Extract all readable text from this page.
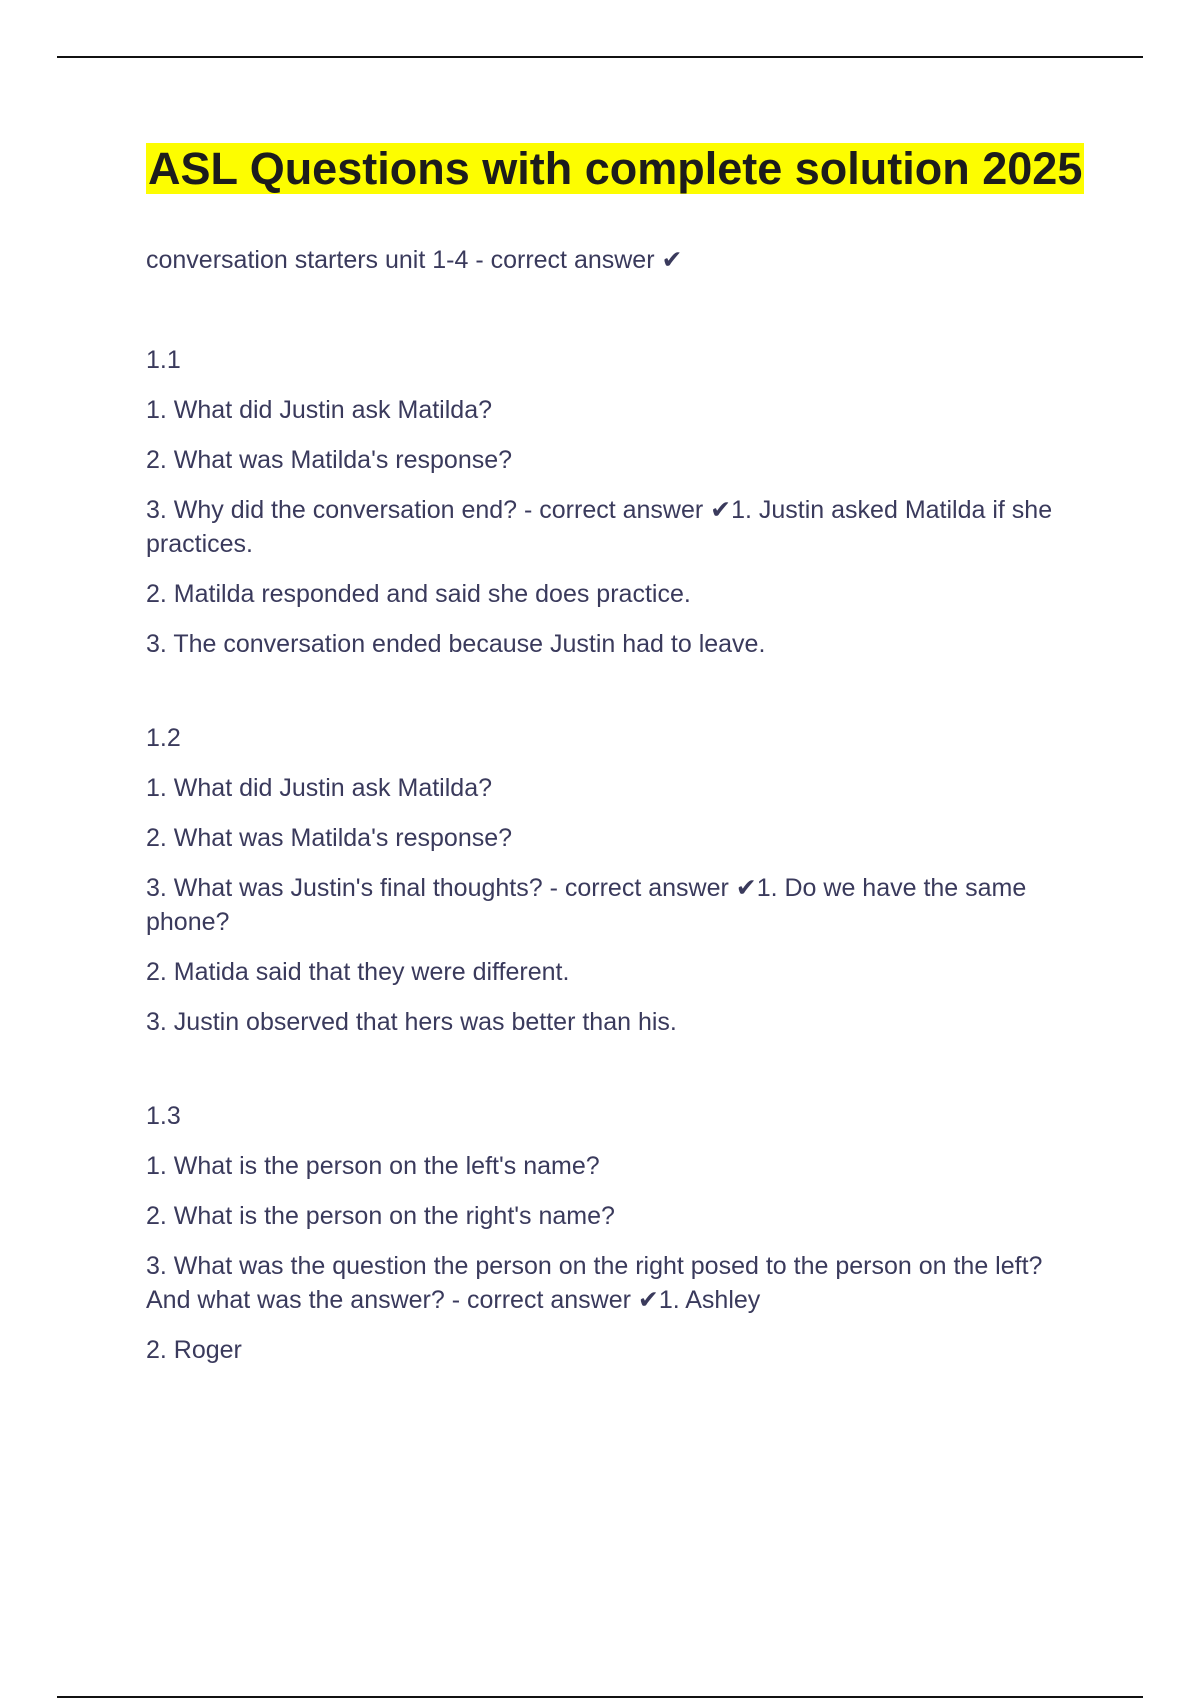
ASL Questions with complete solution 2025
conversation starters unit 1-4 - correct answer ✔
1.1
1. What did Justin ask Matilda?
2. What was Matilda's response?
3. Why did the conversation end? - correct answer ✔1. Justin asked Matilda if she practices.
2. Matilda responded and said she does practice.
3. The conversation ended because Justin had to leave.
1.2
1. What did Justin ask Matilda?
2. What was Matilda's response?
3. What was Justin's final thoughts? - correct answer ✔1. Do we have the same phone?
2. Matida said that they were different.
3. Justin observed that hers was better than his.
1.3
1. What is the person on the left's name?
2. What is the person on the right's name?
3. What was the question the person on the right posed to the person on the left? And what was the answer? - correct answer ✔1. Ashley
2. Roger
